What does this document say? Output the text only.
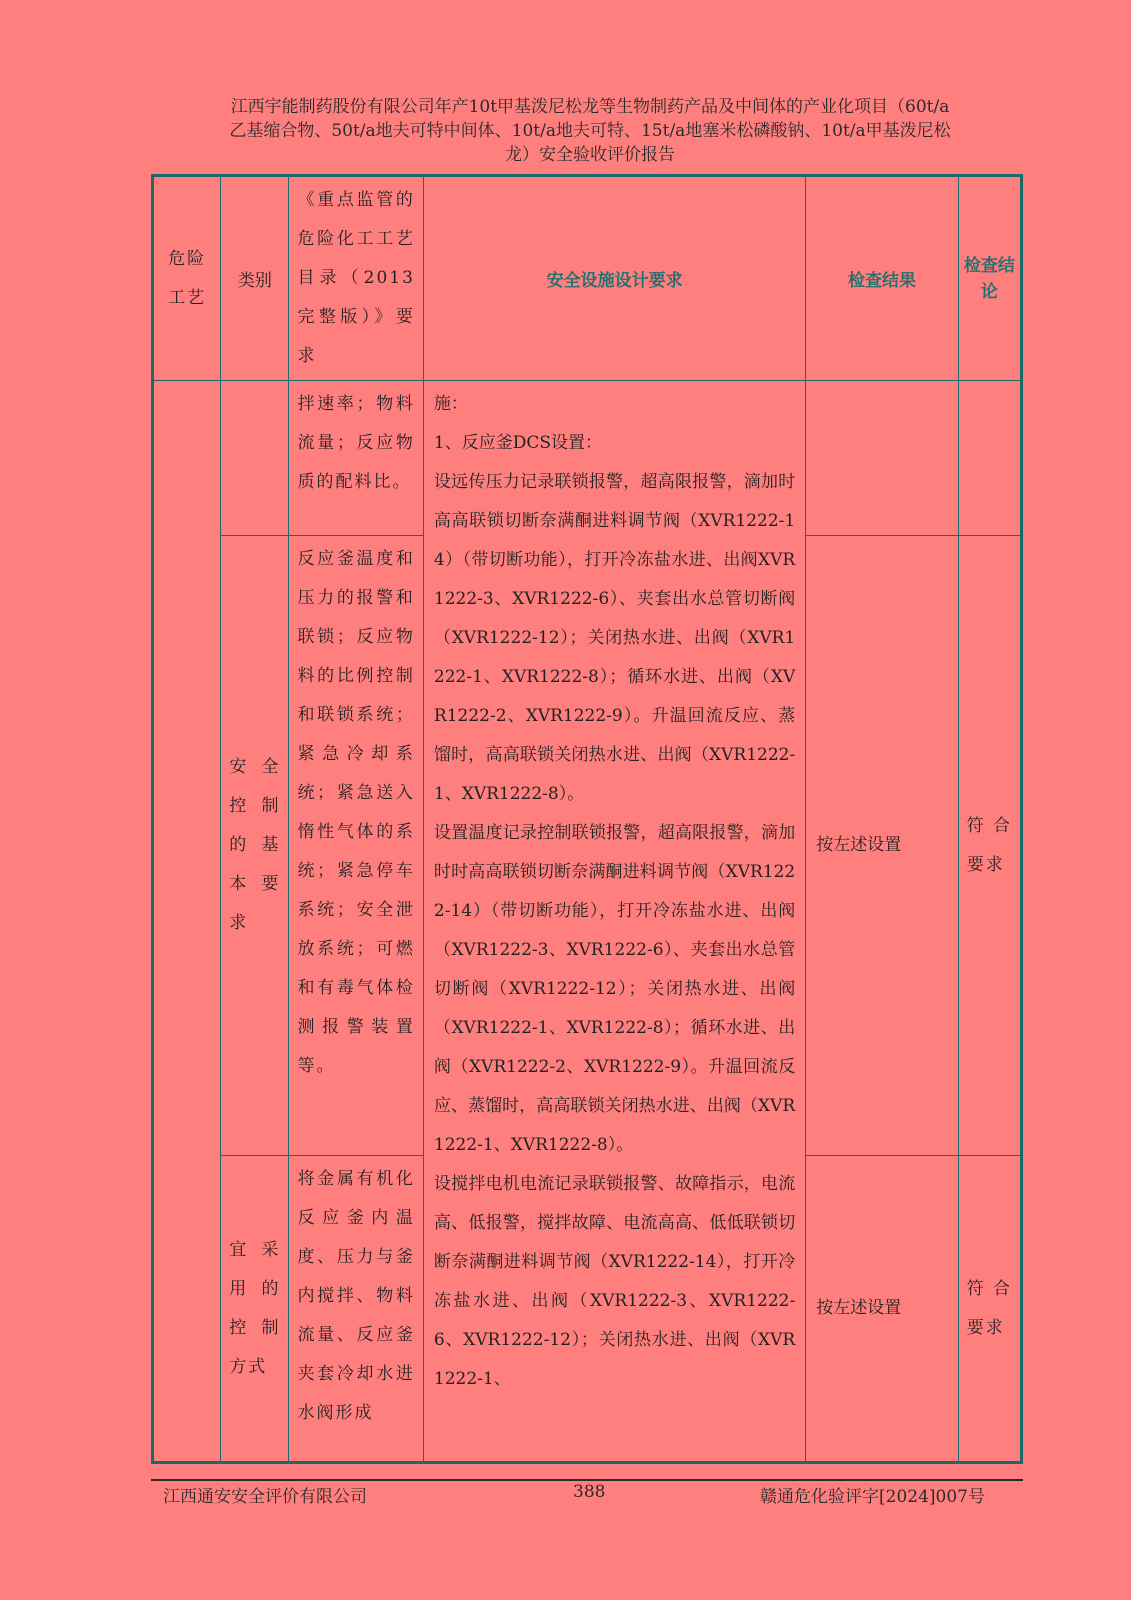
江西宇能制药股份有限公司年产10t甲基泼尼松龙等生物制药产品及中间体的产业化项目（60t/a
乙基缩合物、50t/a地夫可特中间体、10t/a地夫可特、15t/a地塞米松磷酸钠、10t/a甲基泼尼松
龙）安全验收评价报告
危险工艺	类别	《重点监管的危险化工工艺目录（2013完整版）》要求	安全设施设计要求	检查结果	检查结论
		拌速率；物料流量；反应物质的配料比。	施：

1、反应釜DCS设置：

设远传压力记录联锁报警，超高限报警，滴加时高高联锁切断奈满酮进料调节阀（XVR1222-14）（带切断功能），打开冷冻盐水进、出阀XVR1222-3、XVR1222-6）、夹套出水总管切断阀（XVR1222-12）；关闭热水进、出阀（XVR1222-1、XVR1222-8）；循环水进、出阀（XVR1222-2、XVR1222-9）。升温回流反应、蒸馏时，高高联锁关闭热水进、出阀（XVR1222-1、XVR1222-8）。

设置温度记录控制联锁报警，超高限报警，滴加时时高高联锁切断奈满酮进料调节阀（XVR1222-14）（带切断功能），打开冷冻盐水进、出阀（XVR1222-3、XVR1222-6）、夹套出水总管切断阀（XVR1222-12）；关闭热水进、出阀（XVR1222-1、XVR1222-8）；循环水进、出阀（XVR1222-2、XVR1222-9）。升温回流反应、蒸馏时，高高联锁关闭热水进、出阀（XVR1222-1、XVR1222-8）。

设搅拌电机电流记录联锁报警、故障指示，电流高、低报警，搅拌故障、电流高高、低低联锁切断奈满酮进料调节阀（XVR1222-14），打开冷冻盐水进、出阀（XVR1222-3、XVR1222-6、XVR1222-12）；关闭热水进、出阀（XVR1222-1、		

	安全控制的基本要求	反应釜温度和压力的报警和联锁；反应物料的比例控制和联锁系统；紧急冷却系统；紧急送入惰性气体的系统；紧急停车系统；安全泄放系统；可燃和有毒气体检测报警装置等。		按左述设置	符合要求
	宜采用的控制方式	将金属有机化反应釜内温度、压力与釜内搅拌、物料流量、反应釜夹套冷却水进水阀形成		按左述设置	符合要求
江西通安安全评价有限公司	388	赣通危化验评字[2024]007号
